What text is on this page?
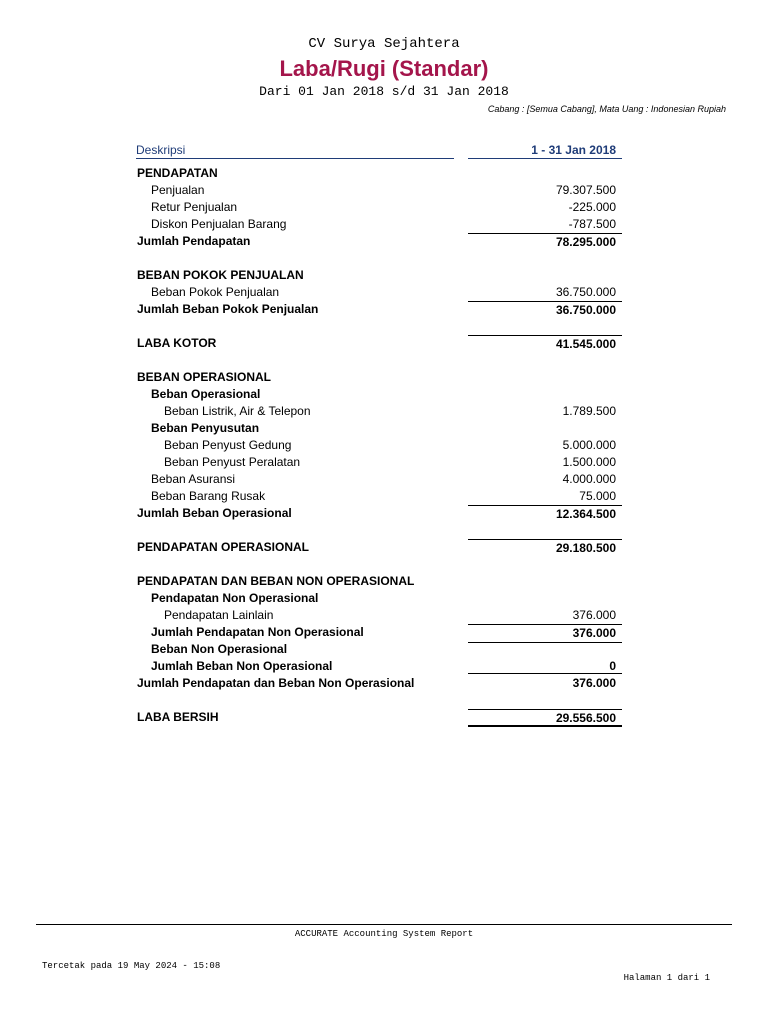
CV Surya Sejahtera
Laba/Rugi (Standar)
Dari 01 Jan 2018 s/d 31 Jan 2018
Cabang : [Semua Cabang], Mata Uang : Indonesian Rupiah
Deskripsi	1 - 31 Jan 2018
PENDAPATAN
Penjualan	79.307.500
Retur Penjualan	-225.000
Diskon Penjualan Barang	-787.500
Jumlah Pendapatan	78.295.000
BEBAN POKOK PENJUALAN
Beban Pokok Penjualan	36.750.000
Jumlah Beban Pokok Penjualan	36.750.000
LABA KOTOR	41.545.000
BEBAN OPERASIONAL
Beban Operasional
Beban Listrik, Air & Telepon	1.789.500
Beban Penyusutan
Beban Penyust Gedung	5.000.000
Beban Penyust Peralatan	1.500.000
Beban Asuransi	4.000.000
Beban Barang Rusak	75.000
Jumlah Beban Operasional	12.364.500
PENDAPATAN OPERASIONAL	29.180.500
PENDAPATAN DAN BEBAN NON OPERASIONAL
Pendapatan Non Operasional
Pendapatan Lainlain	376.000
Jumlah Pendapatan Non Operasional	376.000
Beban Non Operasional
Jumlah Beban Non Operasional	0
Jumlah Pendapatan dan Beban Non Operasional	376.000
LABA BERSIH	29.556.500
ACCURATE Accounting System Report
Tercetak pada 19 May 2024 - 15:08
Halaman 1 dari 1
